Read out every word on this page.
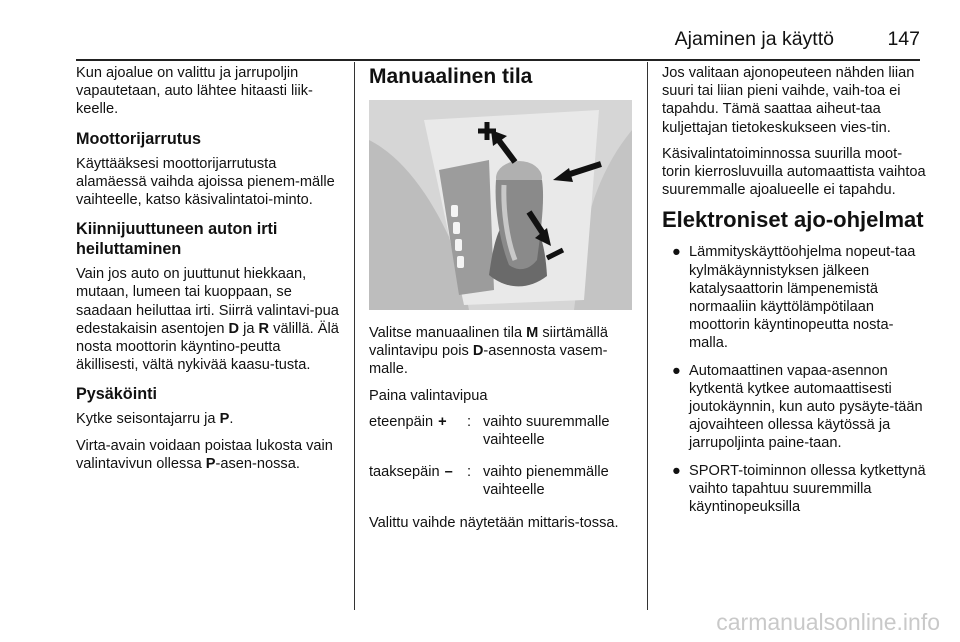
Ajaminen ja käyttö	147

Kun ajoalue on valittu ja jarrupoljin vapautetaan, auto lähtee hitaasti liik-keelle.

Moottorijarrutus

Käyttääksesi moottorijarrutusta alamäessä vaihda ajoissa pienem-mälle vaihteelle, katso käsivalintatoi-minto.

Kiinnijuuttuneen auton irti heiluttaminen

Vain jos auto on juuttunut hiekkaan, mutaan, lumeen tai kuoppaan, se saadaan heiluttaa irti. Siirrä valintavi-pua edestakaisin asentojen D ja R välillä. Älä nosta moottorin käyntino-peutta äkillisesti, vältä nykivää kaasu-tusta.

Pysäköinti

Kytke seisontajarru ja P.

Virta-avain voidaan poistaa lukosta vain valintavivun ollessa P-asen-nossa.

Manuaalinen tila

Valitse manuaalinen tila M siirtämällä valintavipu pois D-asennosta vasem-malle.

Paina valintavipua

eteenpäin + : vaihto suuremmalle vaihteelle
taaksepäin – : vaihto pienemmälle vaihteelle

Valittu vaihde näytetään mittaris-tossa.

Jos valitaan ajonopeuteen nähden liian suuri tai liian pieni vaihde, vaih-toa ei tapahdu. Tämä saattaa aiheut-taa kuljettajan tietokeskukseen vies-tin.

Käsivalintatoiminnossa suurilla moot-torin kierrosluvuilla automaattista vaihtoa suuremmalle ajoalueelle ei tapahdu.

Elektroniset ajo-ohjelmat
● Lämmityskäyttöohjelma nopeut-taa kylmäkäynnistyksen jälkeen katalysaattorin lämpenemistä normaaliin käyttölämpötilaan moottorin käyntinopeutta nosta-malla.
● Automaattinen vapaa-asennon kytkentä kytkee automaattisesti joutokäynnin, kun auto pysäyte-tään ajovaihteen ollessa käytössä ja jarrupoljinta paine-taan.
● SPORT-toiminnon ollessa kytkettynä vaihto tapahtuu suuremmilla käyntinopeuksilla
carmanualsonline.info
